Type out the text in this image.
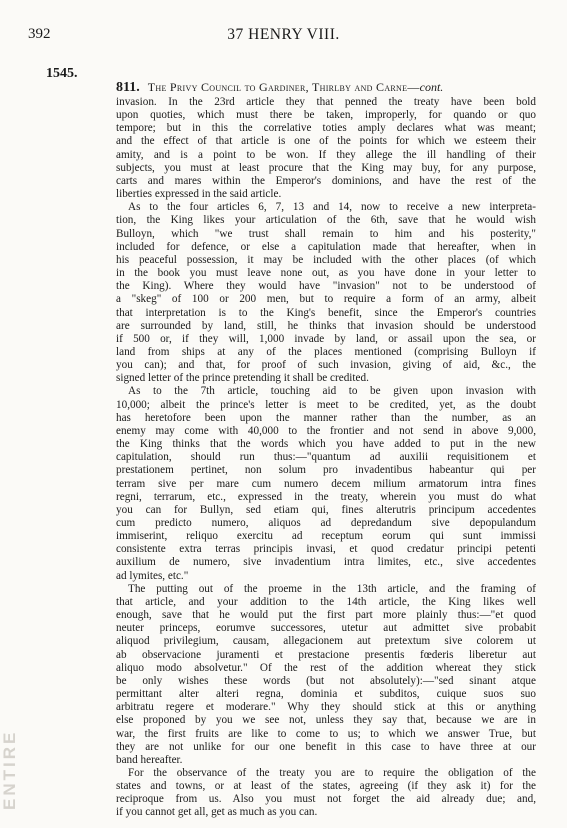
392	37 HENRY VIII.
1545.
811. The Privy Council to Gardiner, Thirlby and Carne—cont.
invasion. In the 23rd article they that penned the treaty have been bold
upon quoties, which must there be taken, improperly, for quando or quo
tempore; but in this the correlative toties amply declares what was meant;
and the effect of that article is one of the points for which we esteem their
amity, and is a point to be won. If they allege the ill handling of their
subjects, you must at least procure that the King may buy, for any purpose,
carts and mares within the Emperor's dominions, and have the rest of the
liberties expressed in the said article.
As to the four articles 6, 7, 13 and 14, now to receive a new interpreta-
tion, the King likes your articulation of the 6th, save that he would wish
Bulloyn, which "we trust shall remain to him and his posterity,"
included for defence, or else a capitulation made that hereafter, when in
his peaceful possession, it may be included with the other places (of which
in the book you must leave none out, as you have done in your letter to
the King). Where they would have "invasion" not to be understood of
a "skeg" of 100 or 200 men, but to require a form of an army, albeit
that interpretation is to the King's benefit, since the Emperor's countries
are surrounded by land, still, he thinks that invasion should be understood
if 500 or, if they will, 1,000 invade by land, or assail upon the sea, or
land from ships at any of the places mentioned (comprising Bulloyn if
you can); and that, for proof of such invasion, giving of aid, &c., the
signed letter of the prince pretending it shall be credited.
As to the 7th article, touching aid to be given upon invasion with
10,000; albeit the prince's letter is meet to be credited, yet, as the doubt
has heretofore been upon the manner rather than the number, as an
enemy may come with 40,000 to the frontier and not send in above 9,000,
the King thinks that the words which you have added to put in the new
capitulation, should run thus:—"quantum ad auxilii requisitionem et
prestationem pertinet, non solum pro invadentibus habeantur qui per
terram sive per mare cum numero decem milium armatorum intra fines
regni, terrarum, etc., expressed in the treaty, wherein you must do what
you can for Bullyn, sed etiam qui, fines alterutris principum accedentes
cum predicto numero, aliquos ad depredandum sive depopulandum
immiserint, reliquo exercitu ad receptum eorum qui sunt immissi
consistente extra terras principis invasi, et quod credatur principi petenti
auxilium de numero, sive invadentium intra limites, etc., sive accedentes
ad lymites, etc."
The putting out of the proeme in the 13th article, and the framing of
that article, and your addition to the 14th article, the King likes well
enough, save that he would put the first part more plainly thus:—"et quod
neuter princeps, eorumve successores, utetur aut admittet sive probabit
aliquod privilegium, causam, allegacionem aut pretextum sive colorem ut
ab observacione juramenti et prestacione presentis fœderis liberetur aut
aliquo modo absolvetur." Of the rest of the addition whereat they stick
be only wishes these words (but not absolutely):—"sed sinant atque
permittant alter alteri regna, dominia et subditos, cuique suos suo
arbitratu regere et moderare." Why they should stick at this or anything
else proponed by you we see not, unless they say that, because we are in
war, the first fruits are like to come to us; to which we answer True, but
they are not unlike for our one benefit in this case to have three at our
band hereafter.
For the observance of the treaty you are to require the obligation of the
states and towns, or at least of the states, agreeing (if they ask it) for the
reciproque from us. Also you must not forget the aid already due; and,
if you cannot get all, get as much as you can.
ENTIRE
